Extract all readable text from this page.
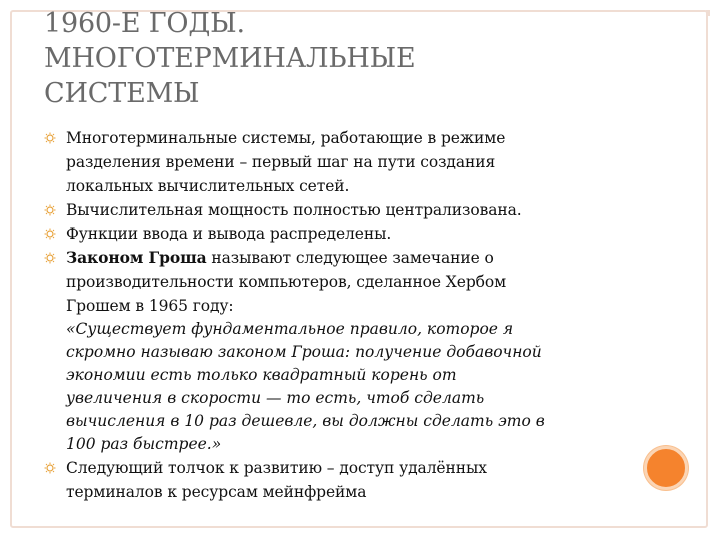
1960-Е ГОДЫ.
МНОГОТЕРМИНАЛЬНЫЕ
СИСТЕМЫ
Многотерминальные системы, работающие в режиме
разделения времени – первый шаг на пути создания
локальных вычислительных сетей.
Вычислительная мощность полностью централизована.
Функции ввода и вывода распределены.
Законом Гроша называют следующее замечание о
производительности компьютеров, сделанное Хербом
Грошем в 1965 году:
«Существует фундаментальное правило, которое я
скромно называю законом Гроша: получение добавочной
экономии есть только квадратный корень от
увеличения в скорости — то есть, чтоб сделать
вычисления в 10 раз дешевле, вы должны сделать это в
100 раз быстрее.»
Следующий толчок к развитию – доступ удалённых
терминалов к ресурсам мейнфрейма
